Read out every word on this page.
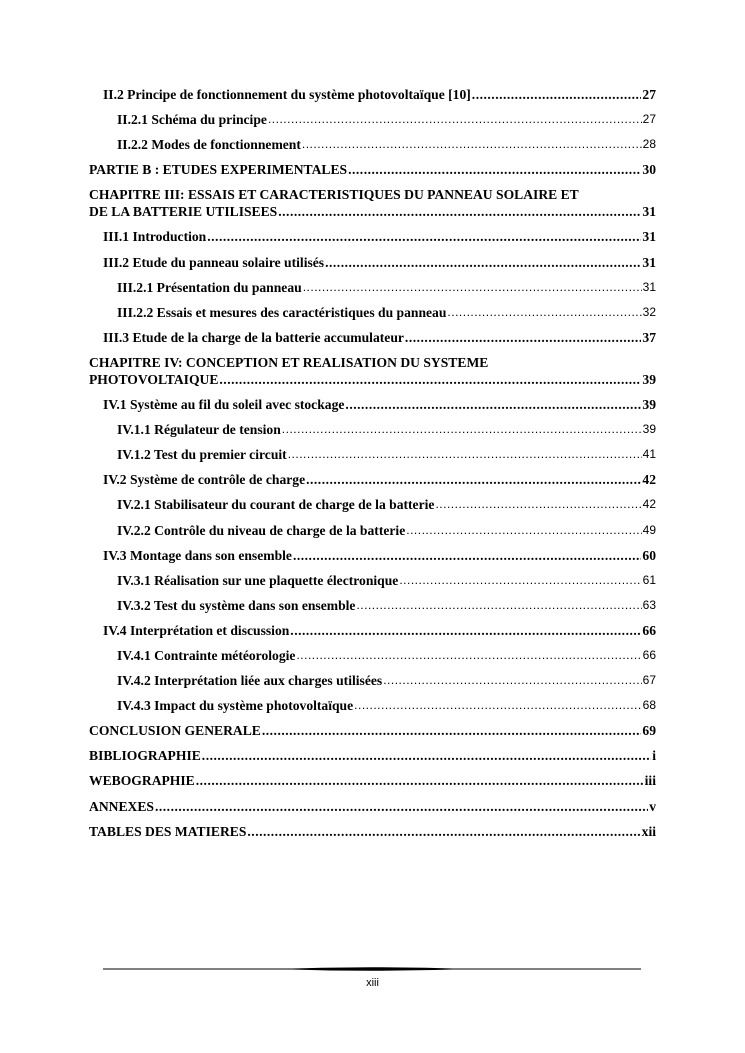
II.2 Principe de fonctionnement du système photovoltaïque [10] .....	27
II.2.1 Schéma du principe .....	27
II.2.2 Modes de fonctionnement .....	28
PARTIE B : ETUDES EXPERIMENTALES .....	30
CHAPITRE III: ESSAIS ET CARACTERISTIQUES DU PANNEAU SOLAIRE ET
DE LA BATTERIE UTILISEES .....	31
III.1 Introduction .....	31
III.2 Etude du panneau solaire utilisés .....	31
III.2.1 Présentation du panneau .....	31
III.2.2 Essais et mesures des caractéristiques du panneau .....	32
III.3 Etude de la charge de la batterie accumulateur .....	37
CHAPITRE IV: CONCEPTION ET REALISATION DU SYSTEME
PHOTOVOLTAIQUE .....	39
IV.1 Système au fil du soleil avec stockage .....	39
IV.1.1 Régulateur de tension .....	39
IV.1.2 Test du premier circuit .....	41
IV.2 Système de contrôle de charge .....	42
IV.2.1 Stabilisateur du courant de charge de la batterie .....	42
IV.2.2 Contrôle du niveau de charge de la batterie .....	49
IV.3 Montage dans son ensemble .....	60
IV.3.1 Réalisation sur une plaquette électronique .....	61
IV.3.2 Test du système dans son ensemble .....	63
IV.4 Interprétation et discussion .....	66
IV.4.1 Contrainte météorologie .....	66
IV.4.2 Interprétation liée aux charges utilisées .....	67
IV.4.3 Impact du système photovoltaïque .....	68
CONCLUSION GENERALE .....	69
BIBLIOGRAPHIE .....	i
WEBOGRAPHIE .....	iii
ANNEXES .....	v
TABLES DES MATIERES .....	xii
xiii
